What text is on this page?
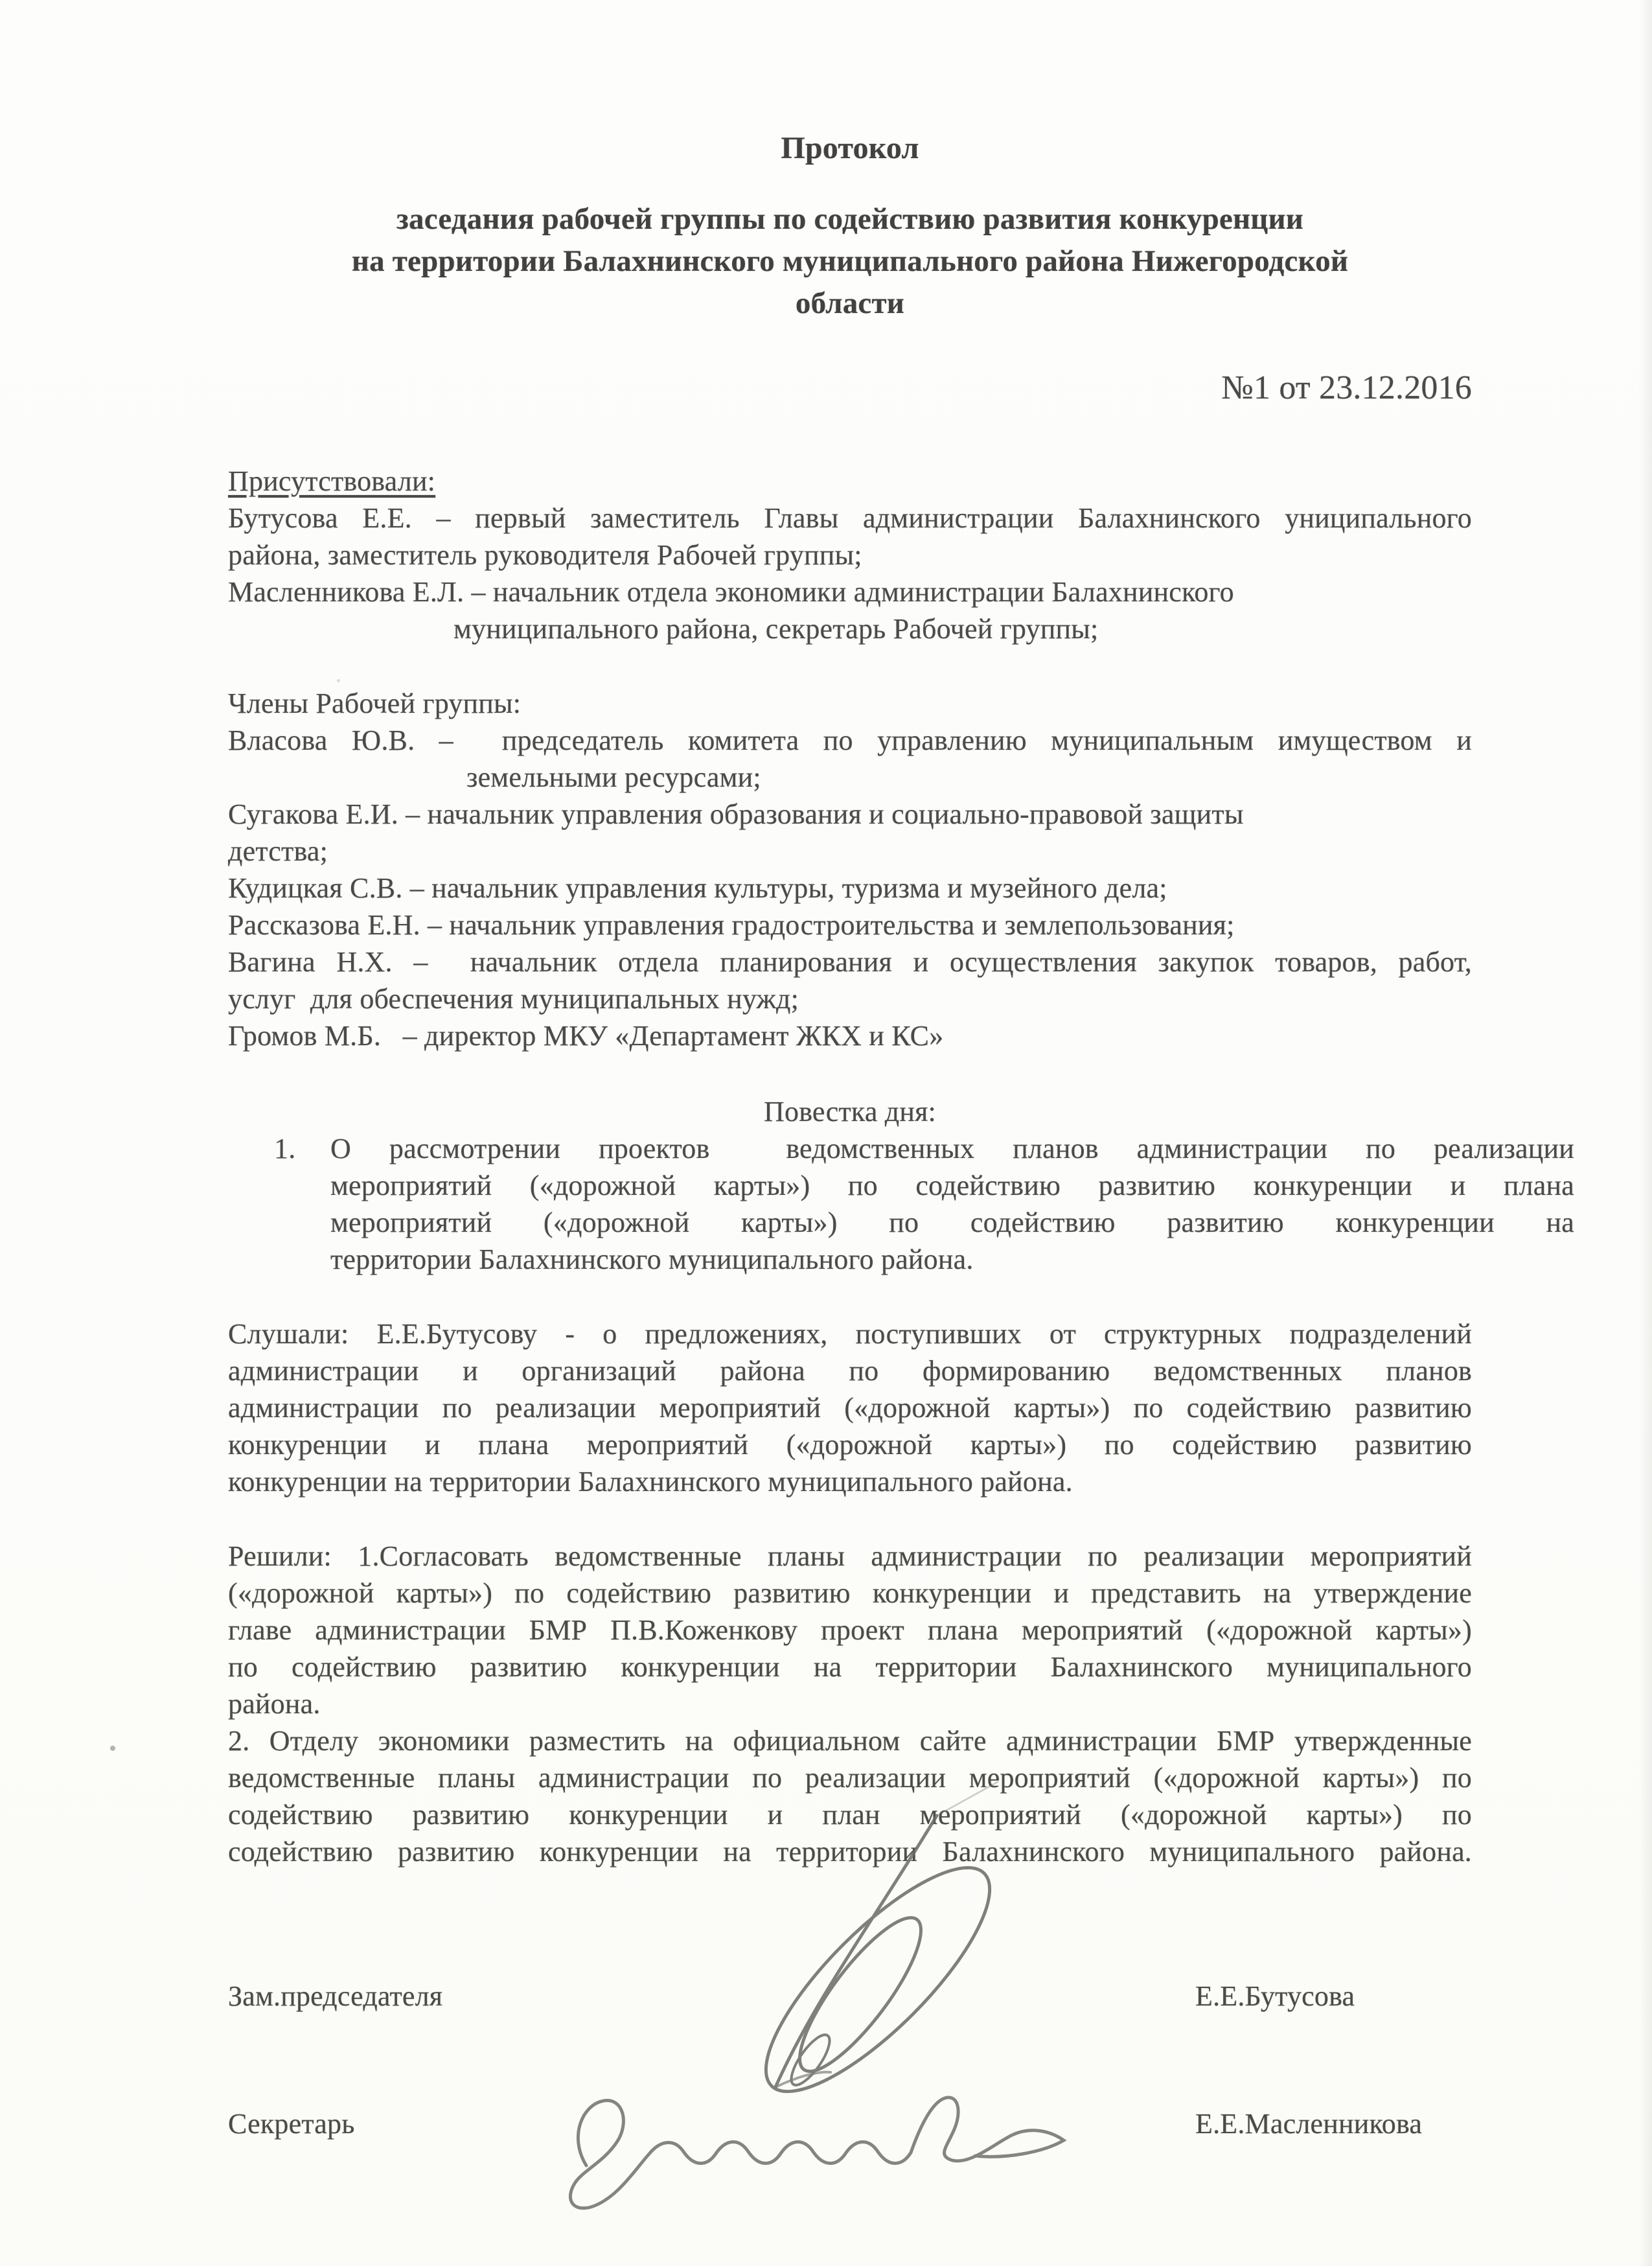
Протокол
заседания рабочей группы по содействию развития конкуренции
на территории Балахнинского муниципального района Нижегородской
области
№1 от 23.12.2016
Присутствовали:
Бутусова Е.Е. – первый заместитель Главы администрации Балахнинского униципального
района, заместитель руководителя Рабочей группы;
Масленникова Е.Л. – начальник отдела экономики администрации Балахнинского
муниципального района, секретарь Рабочей группы;
Члены Рабочей группы:
Власова Ю.В. –  председатель комитета по управлению муниципальным имуществом и
земельными ресурсами;
Сугакова Е.И. – начальник управления образования и социально-правовой защиты
детства;
Кудицкая С.В. – начальник управления культуры, туризма и музейного дела;
Рассказова Е.Н. – начальник управления градостроительства и землепользования;
Вагина Н.Х. –  начальник отдела планирования и осуществления закупок товаров, работ,
услуг  для обеспечения муниципальных нужд;
Громов М.Б.   – директор МКУ «Департамент ЖКХ и КС»
Повестка дня:
1. О рассмотрении проектов  ведомственных планов администрации по реализации
мероприятий («дорожной карты») по содействию развитию конкуренции и плана
мероприятий («дорожной карты») по содействию развитию конкуренции на
территории Балахнинского муниципального района.
Слушали: Е.Е.Бутусову - о предложениях, поступивших от структурных подразделений
администрации и организаций района по формированию ведомственных планов
администрации по реализации мероприятий («дорожной карты») по содействию развитию
конкуренции и плана мероприятий («дорожной карты») по содействию развитию
конкуренции на территории Балахнинского муниципального района.
Решили: 1.Согласовать ведомственные планы администрации по реализации мероприятий
(«дорожной карты») по содействию развитию конкуренции и представить на утверждение
главе администрации БМР П.В.Коженкову проект плана мероприятий («дорожной карты»)
по содействию развитию конкуренции на территории Балахнинского муниципального
района.
2. Отделу экономики разместить на официальном сайте администрации БМР утвержденные
ведомственные планы администрации по реализации мероприятий («дорожной карты») по
содействию развитию конкуренции и план мероприятий («дорожной карты») по
содействию развитию конкуренции на территории Балахнинского муниципального района.
Зам.председателя	Е.Е.Бутусова
Секретарь	Е.Е.Масленникова
